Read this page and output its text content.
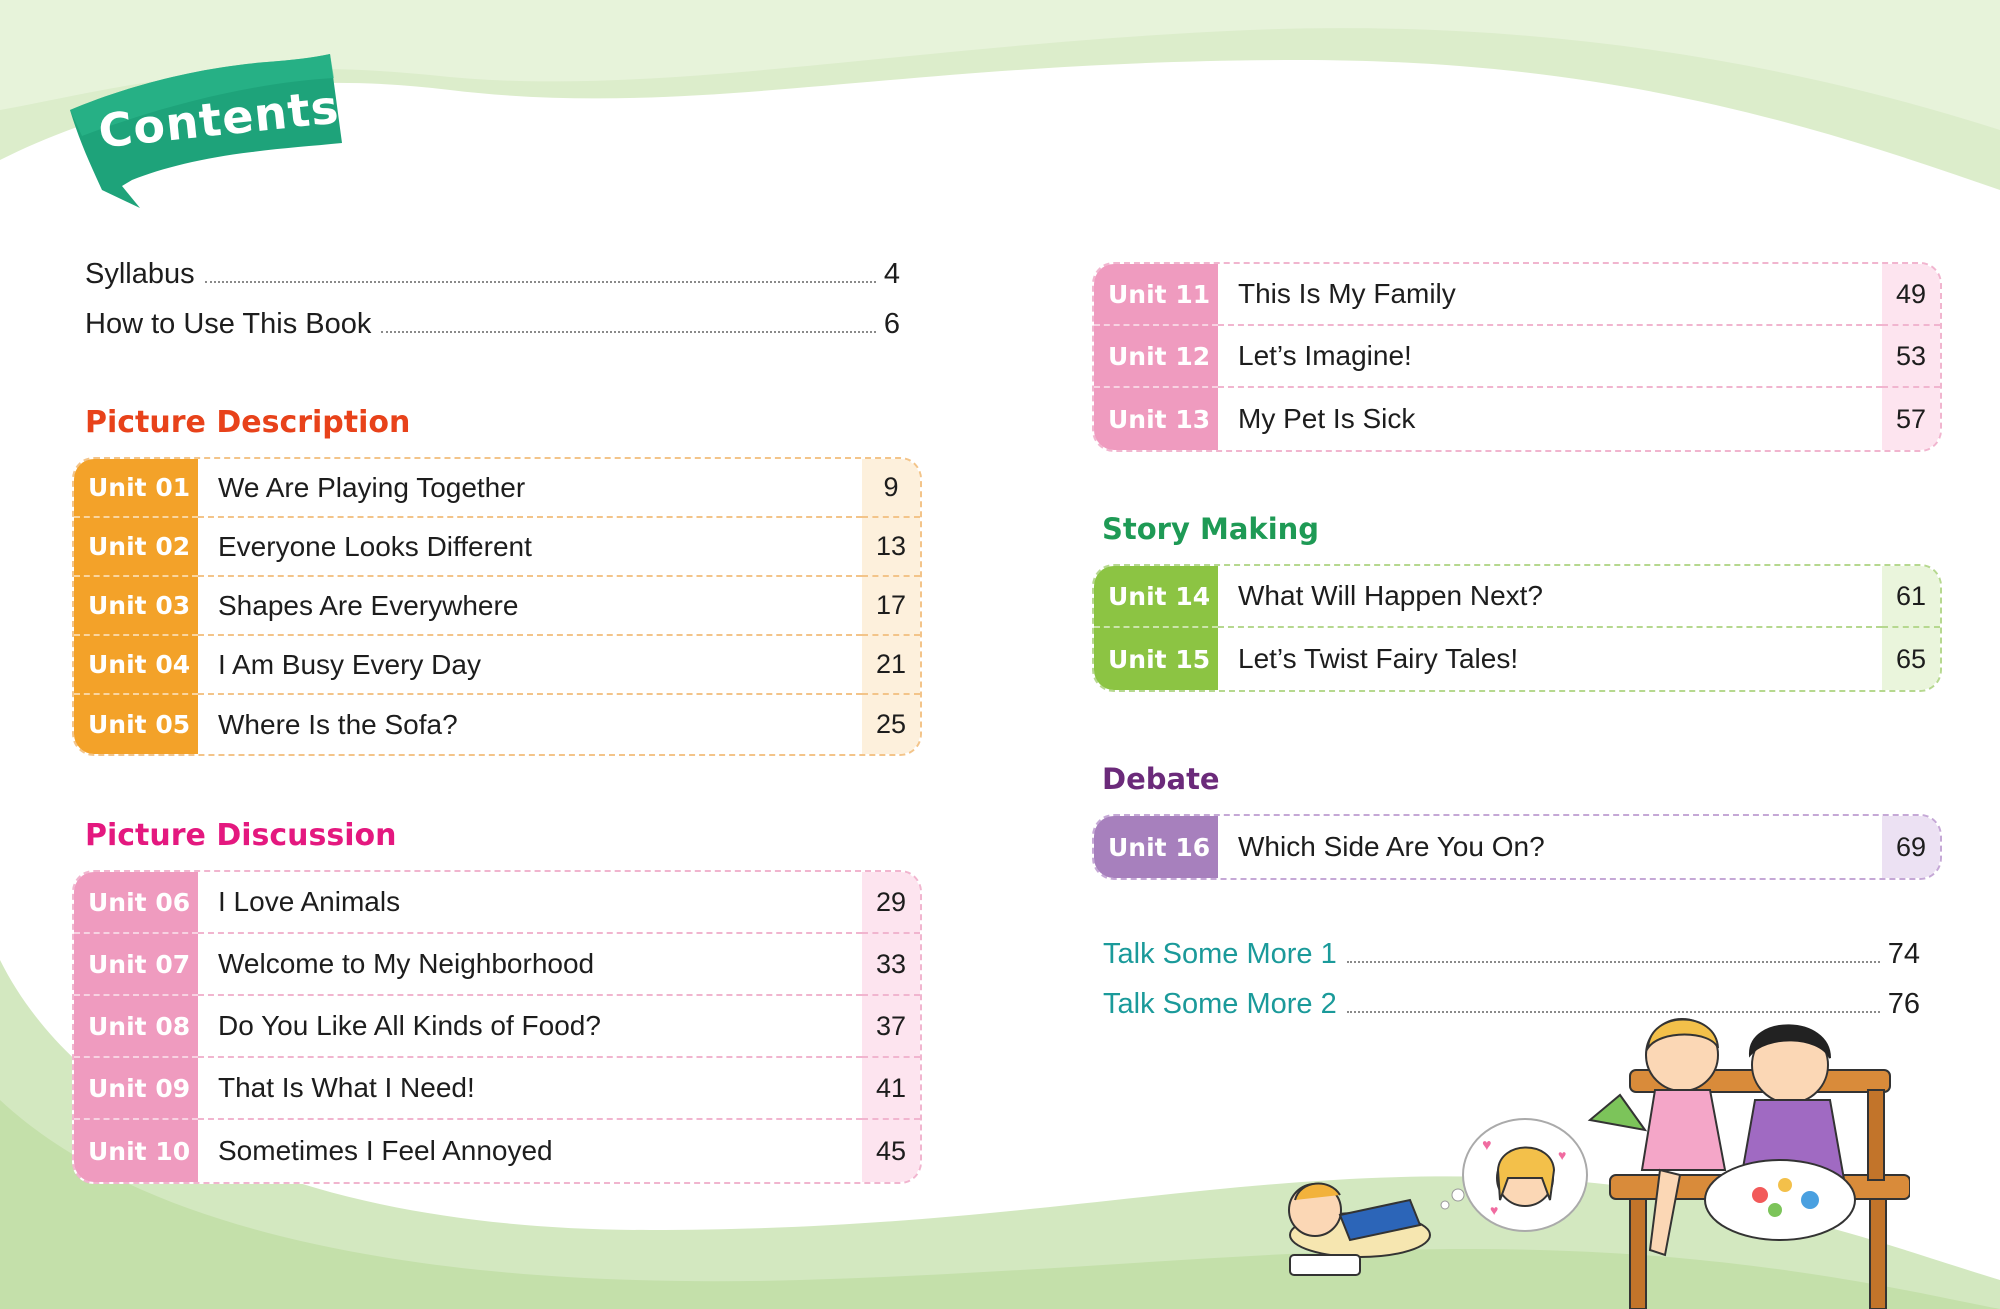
Contents
Syllabus	4
How to Use This Book	6
Picture Description
Unit 01 We Are Playing Together	9
Unit 02 Everyone Looks Different	13
Unit 03 Shapes Are Everywhere	17
Unit 04 I Am Busy Every Day	21
Unit 05 Where Is the Sofa?	25
Picture Discussion
Unit 06 I Love Animals	29
Unit 07 Welcome to My Neighborhood	33
Unit 08 Do You Like All Kinds of Food?	37
Unit 09 That Is What I Need!	41
Unit 10 Sometimes I Feel Annoyed	45
Unit 11 This Is My Family	49
Unit 12 Let’s Imagine!	53
Unit 13 My Pet Is Sick	57
Story Making
Unit 14 What Will Happen Next?	61
Unit 15 Let’s Twist Fairy Tales!	65
Debate
Unit 16 Which Side Are You On?	69
Talk Some More 1	74
Talk Some More 2	76
♥
♥
♥
